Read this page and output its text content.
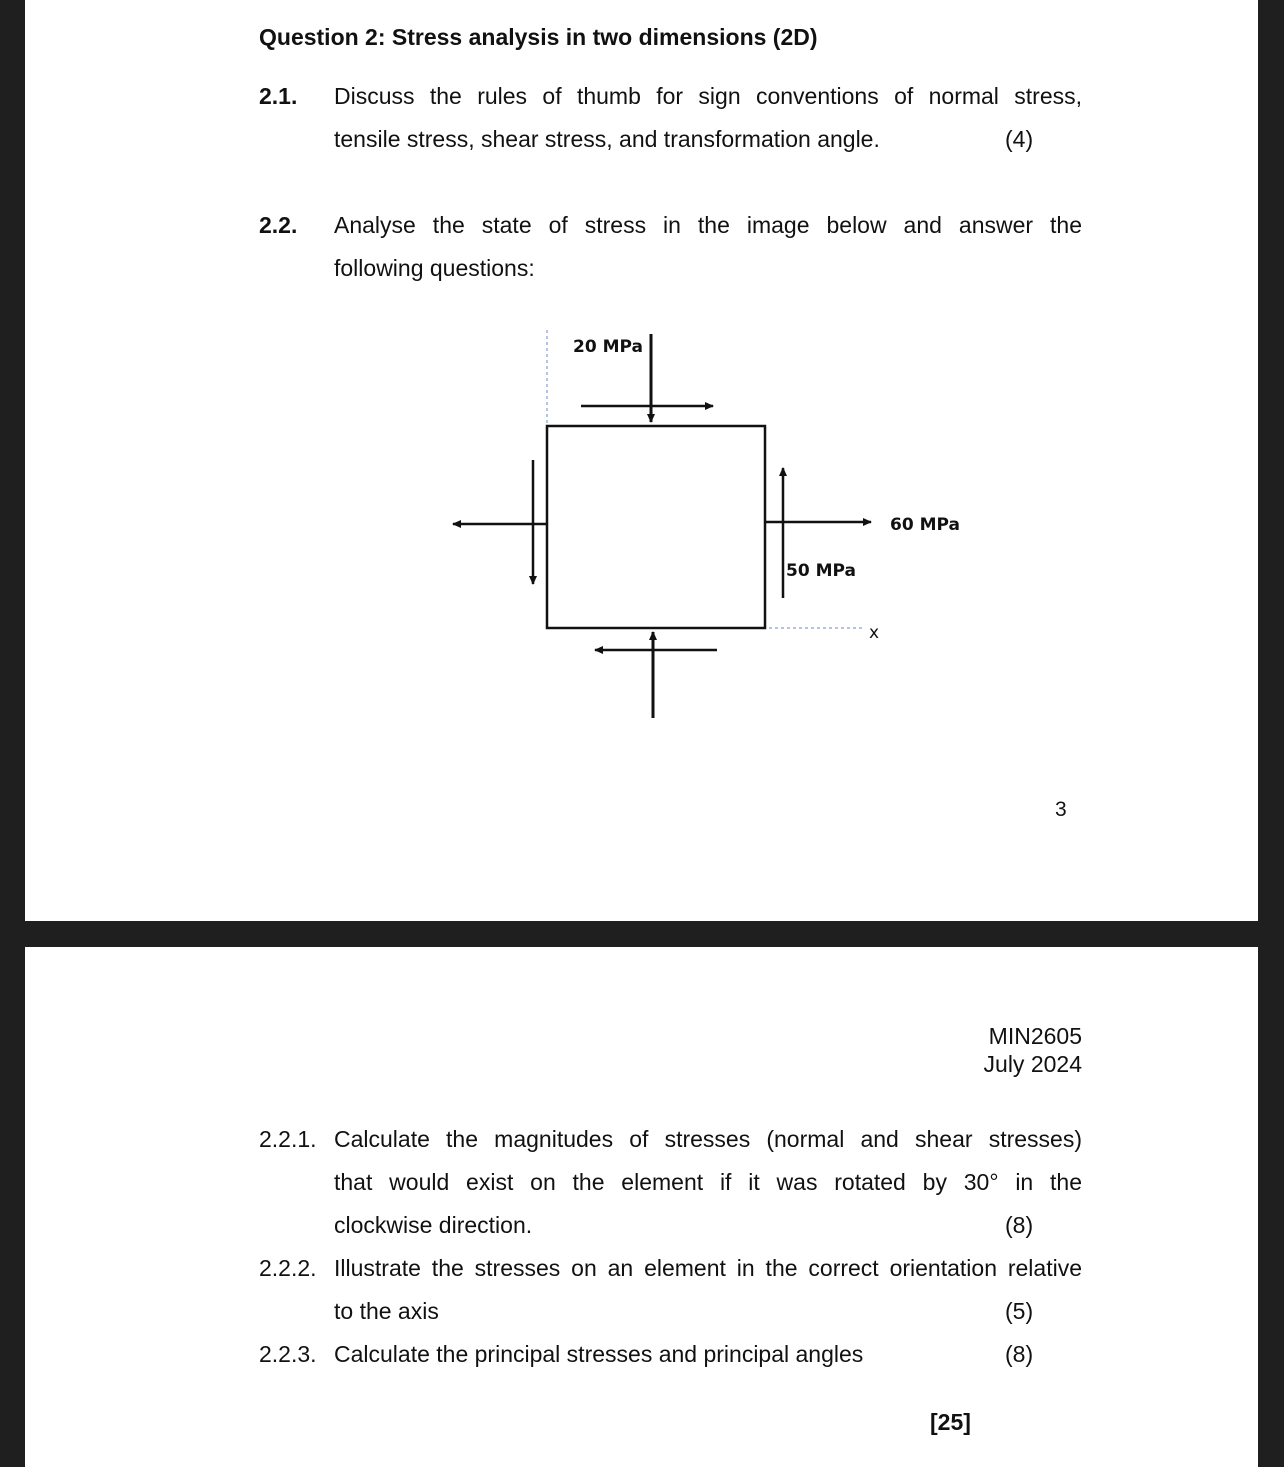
Question 2: Stress analysis in two dimensions (2D)
2.1. Discuss the rules of thumb for sign conventions of normal stress,
tensile stress, shear stress, and transformation angle.	(4)
2.2. Analyse the state of stress in the image below and answer the
following questions:
20 MPa
60 MPa
50 MPa
x
3
MIN2605
July 2024
2.2.1. Calculate the magnitudes of stresses (normal and shear stresses)
that would exist on the element if it was rotated by 30° in the
clockwise direction.	(8)
2.2.2. Illustrate the stresses on an element in the correct orientation relative
to the axis	(5)
2.2.3. Calculate the principal stresses and principal angles	(8)
[25]
